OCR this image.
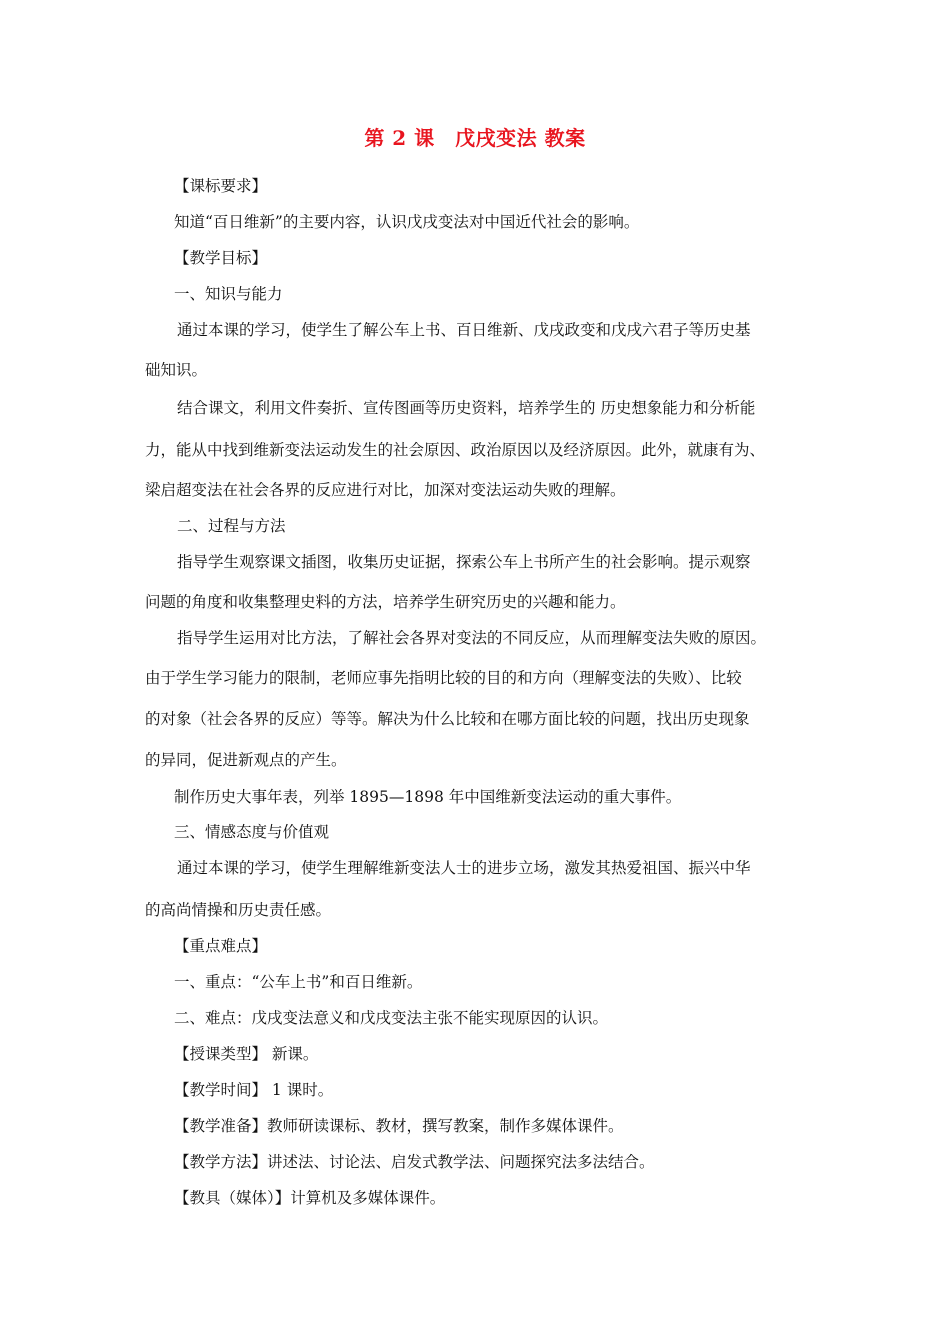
第 2 课　戊戌变法 教案
【课标要求】
知道“百日维新”的主要内容，认识戊戌变法对中国近代社会的影响。
【教学目标】
一、知识与能力
通过本课的学习，使学生了解公车上书、百日维新、戊戌政变和戊戌六君子等历史基
础知识。
结合课文，利用文件奏折、宣传图画等历史资料，培养学生的 历史想象能力和分析能
力，能从中找到维新变法运动发生的社会原因、政治原因以及经济原因。此外，就康有为、
梁启超变法在社会各界的反应进行对比，加深对变法运动失败的理解。
二、过程与方法
指导学生观察课文插图，收集历史证据，探索公车上书所产生的社会影响。提示观察
问题的角度和收集整理史料的方法，培养学生研究历史的兴趣和能力。
指导学生运用对比方法，了解社会各界对变法的不同反应，从而理解变法失败的原因。
由于学生学习能力的限制，老师应事先指明比较的目的和方向（理解变法的失败）、比较
的对象（社会各界的反应）等等。解决为什么比较和在哪方面比较的问题，找出历史现象
的异同，促进新观点的产生。
制作历史大事年表，列举 1895—1898 年中国维新变法运动的重大事件。
三、情感态度与价值观
通过本课的学习，使学生理解维新变法人士的进步立场，激发其热爱祖国、振兴中华
的高尚情操和历史责任感。
【重点难点】
一、重点：“公车上书”和百日维新。
二、难点：戊戌变法意义和戊戌变法主张不能实现原因的认识。
【授课类型】 新课。
【教学时间】 1 课时。
【教学准备】教师研读课标、教材，撰写教案，制作多媒体课件。
【教学方法】讲述法、讨论法、启发式教学法、问题探究法多法结合。
【教具（媒体）】计算机及多媒体课件。
